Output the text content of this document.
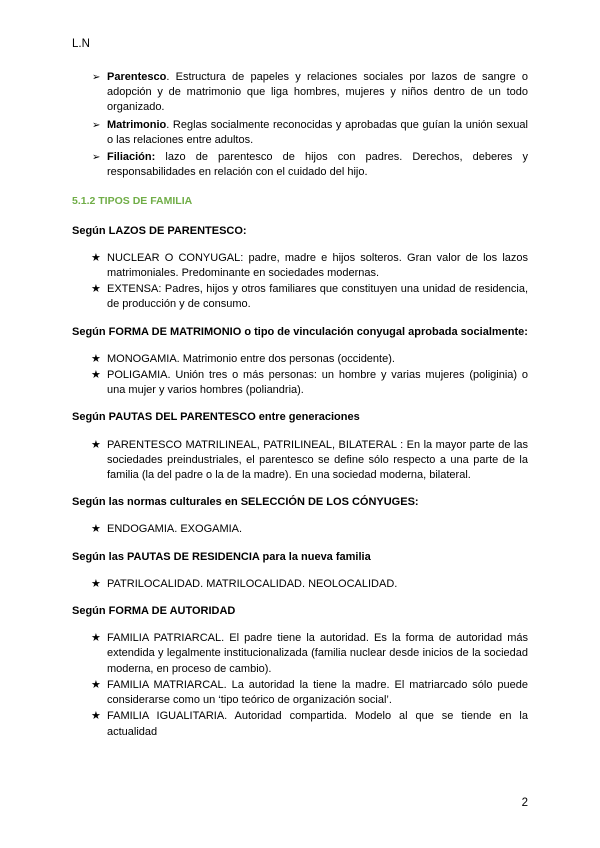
L.N
➢ Parentesco. Estructura de papeles y relaciones sociales por lazos de sangre o adopción y de matrimonio que liga hombres, mujeres y niños dentro de un todo organizado.
➢ Matrimonio. Reglas socialmente reconocidas y aprobadas que guían la unión sexual o las relaciones entre adultos.
➢ Filiación: lazo de parentesco de hijos con padres. Derechos, deberes y responsabilidades en relación con el cuidado del hijo.
5.1.2 TIPOS DE FAMILIA

Según LAZOS DE PARENTESCO:

★ NUCLEAR O CONYUGAL: padre, madre e hijos solteros. Gran valor de los lazos matrimoniales. Predominante en sociedades modernas.
★ EXTENSA: Padres, hijos y otros familiares que constituyen una unidad de residencia, de producción y de consumo.

Según FORMA DE MATRIMONIO o tipo de vinculación conyugal aprobada socialmente:

★ MONOGAMIA. Matrimonio entre dos personas (occidente).
★ POLIGAMIA. Unión tres o más personas: un hombre y varias mujeres (poliginia) o una mujer y varios hombres (poliandria).

Según PAUTAS DEL PARENTESCO entre generaciones

★ PARENTESCO MATRILINEAL, PATRILINEAL, BILATERAL : En la mayor parte de las sociedades preindustriales, el parentesco se define sólo respecto a una parte de la familia (la del padre o la de la madre). En una sociedad moderna, bilateral.

Según las normas culturales en SELECCIÓN DE LOS CÓNYUGES:

★ ENDOGAMIA. EXOGAMIA.

Según las PAUTAS DE RESIDENCIA para la nueva familia

★ PATRILOCALIDAD. MATRILOCALIDAD. NEOLOCALIDAD.

Según FORMA DE AUTORIDAD

★ FAMILIA PATRIARCAL. El padre tiene la autoridad. Es la forma de autoridad más extendida y legalmente institucionalizada (familia nuclear desde inicios de la sociedad moderna, en proceso de cambio).
★ FAMILIA MATRIARCAL. La autoridad la tiene la madre. El matriarcado sólo puede considerarse como un ‘tipo teórico de organización social’.
★ FAMILIA IGUALITARIA. Autoridad compartida. Modelo al que se tiende en la actualidad
2
